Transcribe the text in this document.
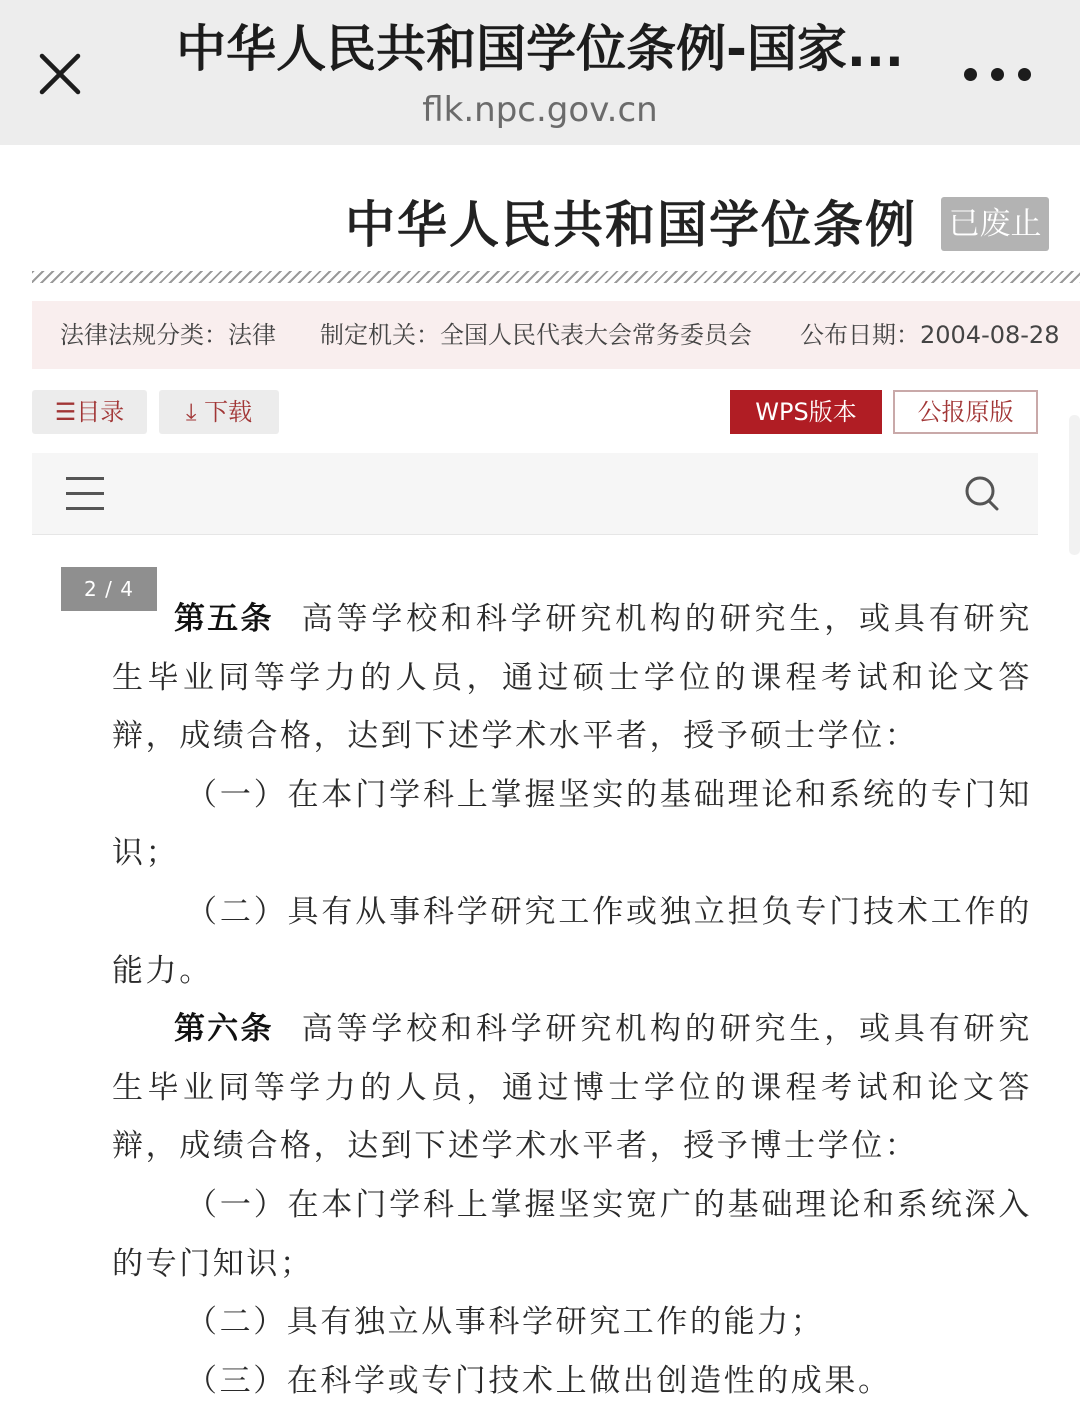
中华人民共和国学位条例-国家...
flk.npc.gov.cn
中华人民共和国学位条例 已废止
法律法规分类：法律 制定机关：全国人民代表大会常务委员会 公布日期：2004-08-28
☰目录	⤓ 下载	WPS版本	公报原版
2 / 4

第五条 高等学校和科学研究机构的研究生，或具有研究生毕业同等学力的人员，通过硕士学位的课程考试和论文答辩，成绩合格，达到下述学术水平者，授予硕士学位：

（一）在本门学科上掌握坚实的基础理论和系统的专门知识；

（二）具有从事科学研究工作或独立担负专门技术工作的能力。

第六条 高等学校和科学研究机构的研究生，或具有研究生毕业同等学力的人员，通过博士学位的课程考试和论文答辩，成绩合格，达到下述学术水平者，授予博士学位：

（一）在本门学科上掌握坚实宽广的基础理论和系统深入的专门知识；

（二）具有独立从事科学研究工作的能力；

（三）在科学或专门技术上做出创造性的成果。
